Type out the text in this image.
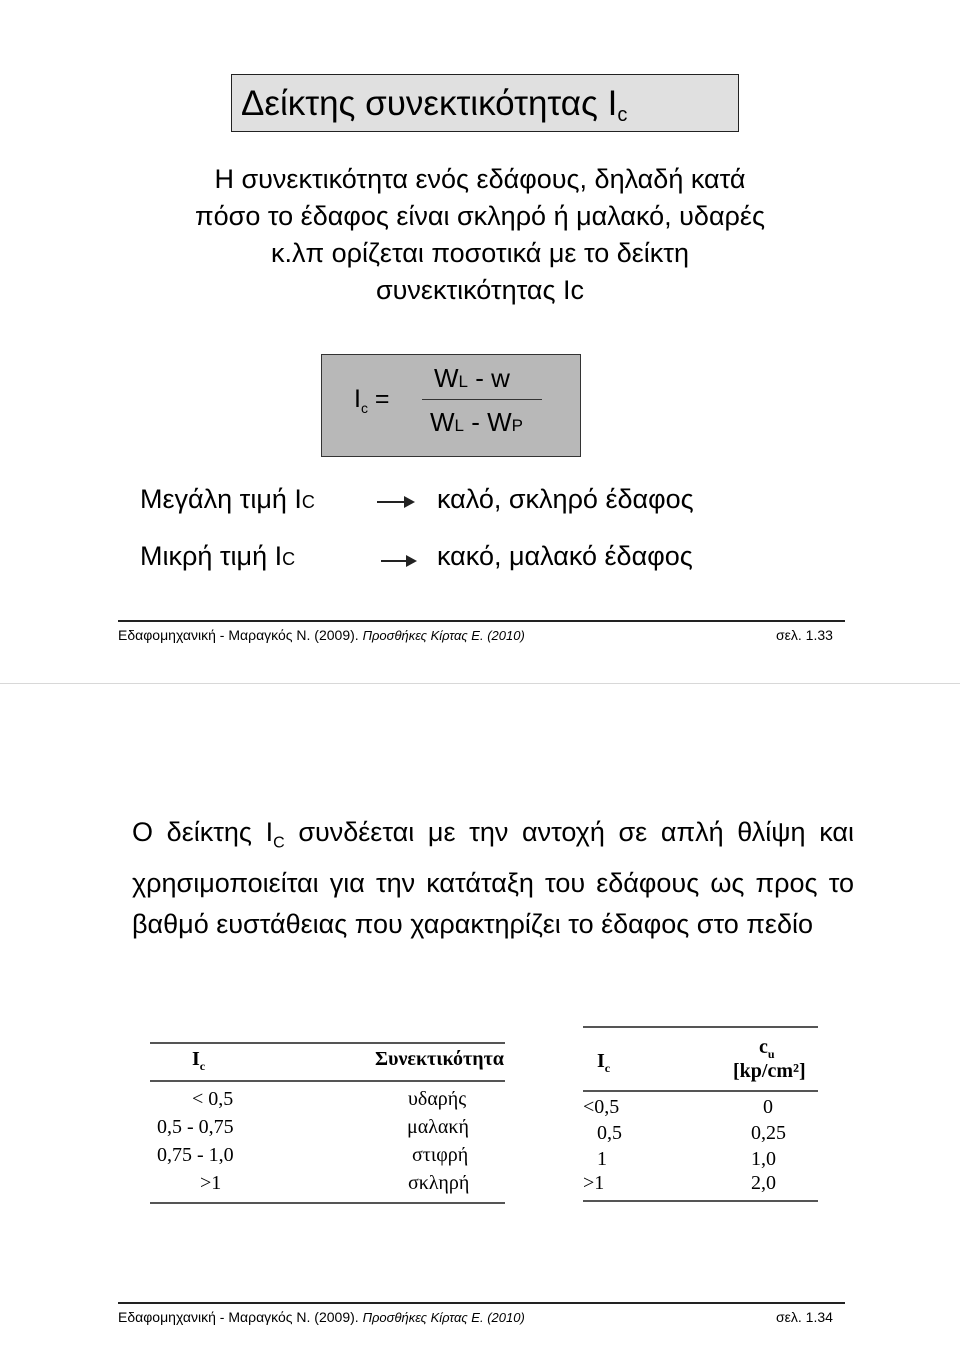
Δείκτης συνεκτικότητας $I_c$
Η συνεκτικότητα ενός εδάφους, δηλαδή κατά
πόσο το έδαφος είναι σκληρό ή μαλακό, υδαρές
κ.λπ ορίζεται ποσοτικά με το δείκτη
συνεκτικότητας Ιc
$I_c$ =
WL - w
WL - WP
Μεγάλη τιμή IC	καλό, σκληρό έδαφος
Μικρή τιμή IC	κακό, μαλακό έδαφος
Εδαφομηχανική - Μαραγκός Ν. (2009). Προσθήκες Κίρτας Ε. (2010)	σελ. 1.33
Ο δείκτης $I_C$ συνδέεται με την αντοχή σε απλή θλίψη και χρησιμοποιείται για την κατάταξη του εδάφους ως προς το βαθμό ευστάθειας που χαρακτηρίζει το έδαφος στο πεδίο
$I_c$	Συνεκτικότητα
< 0,5	υδαρής
0,5 - 0,75	μαλακή
0,75 - 1,0	στιφρή
>1	σκληρή
$I_c$
$c_u$
[kp/cm²]
<0,5	0
0,5	0,25
1	1,0
>1	2,0
Εδαφομηχανική - Μαραγκός Ν. (2009). Προσθήκες Κίρτας Ε. (2010)	σελ. 1.34
